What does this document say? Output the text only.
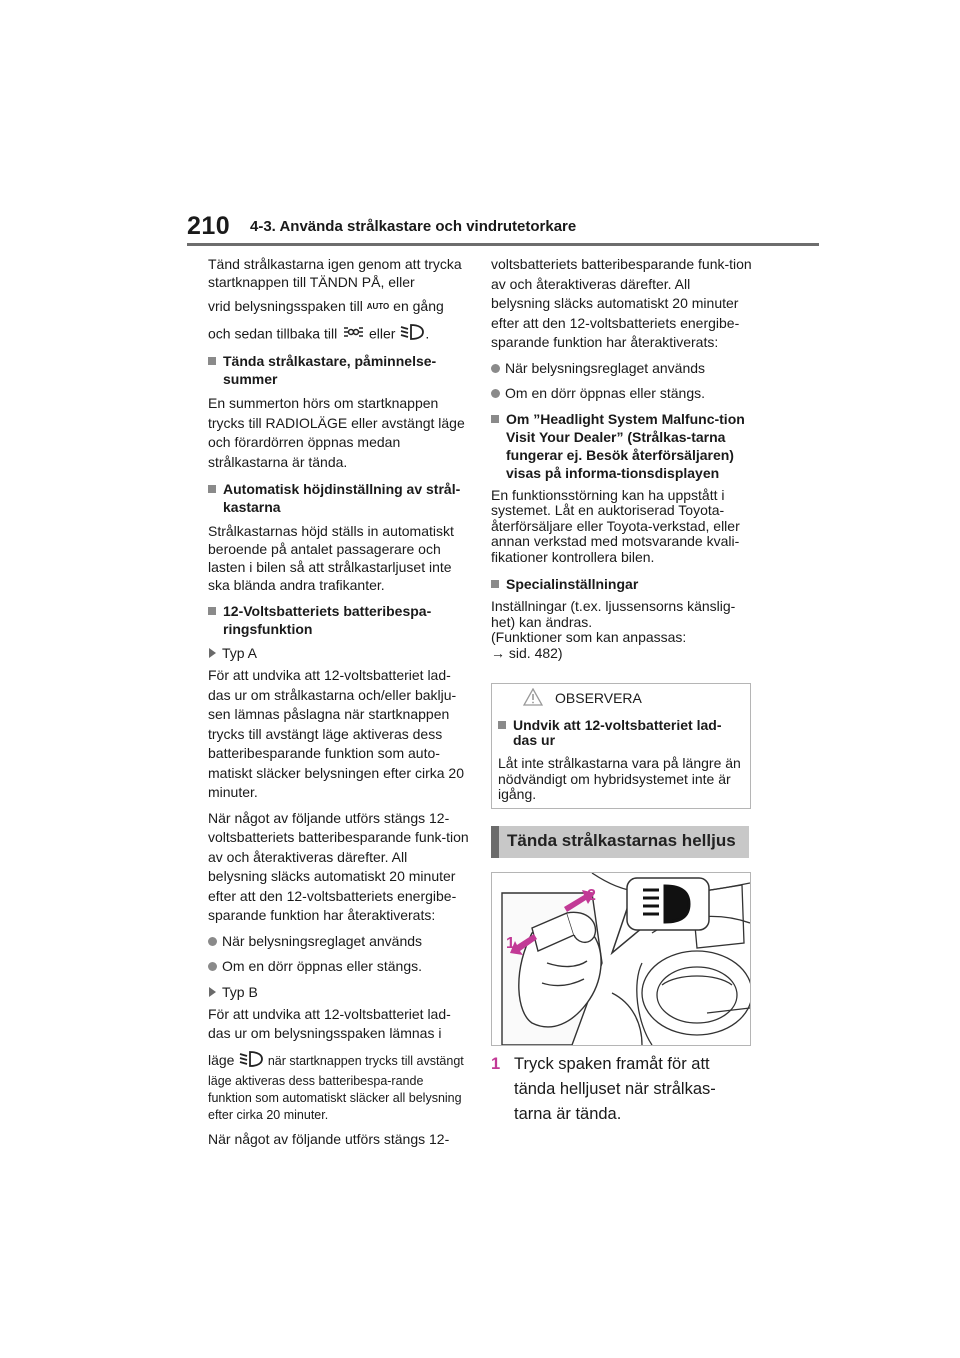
210 4-3. Använda strålkastare och vindrutetorkare

Tänd strålkastarna igen genom att trycka startknappen till TÄNDN PÅ, eller

vrid belysningsspaken till AUTO en gång

och sedan tillbaka till  eller .

Tända strålkastare, påminnelse-summer

En summerton hörs om startknappen trycks till RADIOLÄGE eller avstängt läge och förardörren öppnas medan strålkastarna är tända.

Automatisk höjdinställning av strål-kastarna

Strålkastarnas höjd ställs in automatiskt beroende på antalet passagerare och lasten i bilen så att strålkastarljuset inte ska blända andra trafikanter.

12-Voltsbatteriets batteribespa-ringsfunktion
Typ A

För att undvika att 12-voltsbatteriet lad-das ur om strålkastarna och/eller baklju-sen lämnas påslagna när startknappen trycks till avstängt läge aktiveras dess batteribesparande funktion som auto-matiskt släcker belysningen efter cirka 20 minuter.

När något av följande utförs stängs 12-voltsbatteriets batteribesparande funk-tion av och återaktiveras därefter. All belysning släcks automatiskt 20 minuter efter att den 12-voltsbatteriets energibe-sparande funktion har återaktiverats:

När belysningsreglaget används
Om en dörr öppnas eller stängs.
Typ B

För att undvika att 12-voltsbatteriet lad-das ur om belysningsspaken lämnas i

läge  när startknappen trycks till avstängt läge aktiveras dess batteribespa-rande funktion som automatiskt släcker all belysning efter cirka 20 minuter.

När något av följande utförs stängs 12-

voltsbatteriets batteribesparande funk-tion av och återaktiveras därefter. All belysning släcks automatiskt 20 minuter efter att den 12-voltsbatteriets energibe-sparande funktion har återaktiverats:

När belysningsreglaget används
Om en dörr öppnas eller stängs.
Om ”Headlight System Malfunc-tion Visit Your Dealer” (Strålkas-tarna fungerar ej. Besök återförsäljaren) visas på informa-tionsdisplayen

En funktionsstörning kan ha uppstått i systemet. Låt en auktoriserad Toyota-återförsäljare eller Toyota-verkstad, eller annan verkstad med motsvarande kvali-fikationer kontrollera bilen.

Specialinställningar

Inställningar (t.ex. ljussensorns känslig-het) kan ändras.

(Funktioner som kan anpassas:

→ sid. 482)

OBSERVERA
Undvik att 12-voltsbatteriet lad-das ur
Låt inte strålkastarna vara på längre än nödvändigt om hybridsystemet inte är igång.
Tända strålkastarnas helljus
2
1
1 Tryck spaken framåt för att tända helljuset när strålkas-tarna är tända.
